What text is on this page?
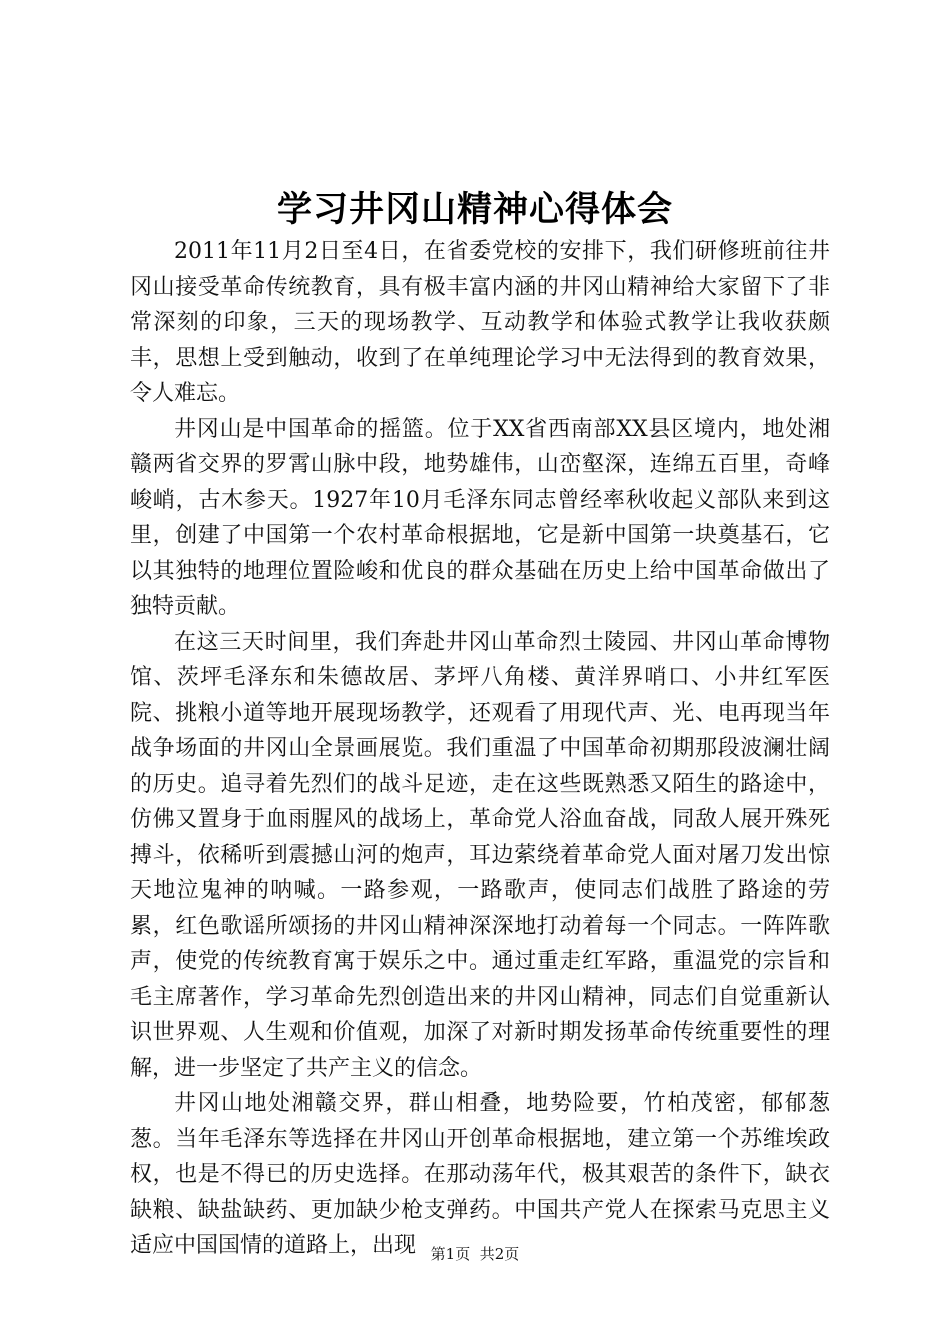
学习井冈山精神心得体会

2011年11月2日至4日，在省委党校的安排下，我们研修班前往井冈山接受革命传统教育，具有极丰富内涵的井冈山精神给大家留下了非常深刻的印象，三天的现场教学、互动教学和体验式教学让我收获颇丰，思想上受到触动，收到了在单纯理论学习中无法得到的教育效果，令人难忘。

井冈山是中国革命的摇篮。位于XX省西南部XX县区境内，地处湘赣两省交界的罗霄山脉中段，地势雄伟，山峦壑深，连绵五百里，奇峰峻峭，古木参天。1927年10月毛泽东同志曾经率秋收起义部队来到这里，创建了中国第一个农村革命根据地，它是新中国第一块奠基石，它以其独特的地理位置险峻和优良的群众基础在历史上给中国革命做出了独特贡献。

在这三天时间里，我们奔赴井冈山革命烈士陵园、井冈山革命博物馆、茨坪毛泽东和朱德故居、茅坪八角楼、黄洋界哨口、小井红军医院、挑粮小道等地开展现场教学，还观看了用现代声、光、电再现当年战争场面的井冈山全景画展览。我们重温了中国革命初期那段波澜壮阔的历史。追寻着先烈们的战斗足迹，走在这些既熟悉又陌生的路途中，仿佛又置身于血雨腥风的战场上，革命党人浴血奋战，同敌人展开殊死搏斗，依稀听到震撼山河的炮声，耳边萦绕着革命党人面对屠刀发出惊天地泣鬼神的呐喊。一路参观，一路歌声，使同志们战胜了路途的劳累，红色歌谣所颂扬的井冈山精神深深地打动着每一个同志。一阵阵歌声，使党的传统教育寓于娱乐之中。通过重走红军路，重温党的宗旨和毛主席著作，学习革命先烈创造出来的井冈山精神，同志们自觉重新认识世界观、人生观和价值观，加深了对新时期发扬革命传统重要性的理解，进一步坚定了共产主义的信念。

井冈山地处湘赣交界，群山相叠，地势险要，竹柏茂密，郁郁葱葱。当年毛泽东等选择在井冈山开创革命根据地，建立第一个苏维埃政权，也是不得已的历史选择。在那动荡年代，极其艰苦的条件下，缺衣缺粮、缺盐缺药、更加缺少枪支弹药。中国共产党人在探索马克思主义适应中国国情的道路上，出现 第1页 共2页
